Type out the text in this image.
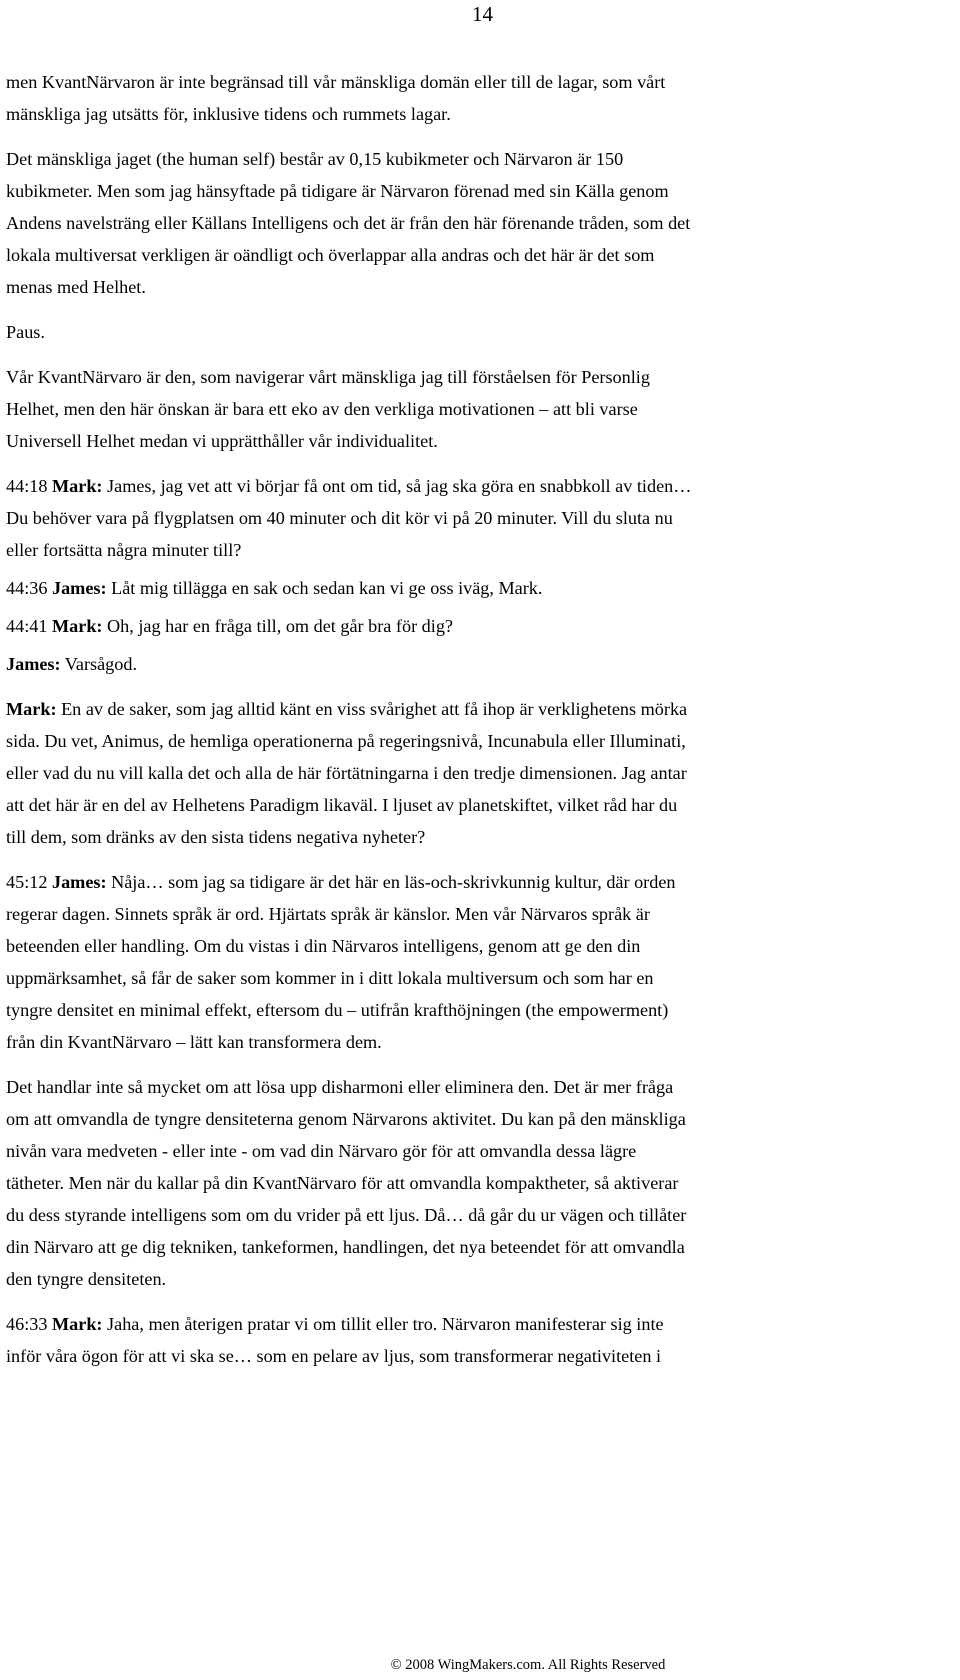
14

men KvantNärvaron är inte begränsad till vår mänskliga domän eller till de lagar, som vårt
mänskliga jag utsätts för, inklusive tidens och rummets lagar.

Det mänskliga jaget (the human self) består av 0,15 kubikmeter och Närvaron är 150
kubikmeter. Men som jag hänsyftade på tidigare är Närvaron förenad med sin Källa genom
Andens navelsträng eller Källans Intelligens och det är från den här förenande tråden, som det
lokala multiversat verkligen är oändligt och överlappar alla andras och det här är det som
menas med Helhet.

Paus.

Vår KvantNärvaro är den, som navigerar vårt mänskliga jag till förståelsen för Personlig
Helhet, men den här önskan är bara ett eko av den verkliga motivationen – att bli varse
Universell Helhet medan vi upprätthåller vår individualitet.

44:18 Mark: James, jag vet att vi börjar få ont om tid, så jag ska göra en snabbkoll av tiden…
Du behöver vara på flygplatsen om 40 minuter och dit kör vi på 20 minuter. Vill du sluta nu
eller fortsätta några minuter till?

44:36 James: Låt mig tillägga en sak och sedan kan vi ge oss iväg, Mark.

44:41 Mark: Oh, jag har en fråga till, om det går bra för dig?

James: Varsågod.

Mark: En av de saker, som jag alltid känt en viss svårighet att få ihop är verklighetens mörka
sida. Du vet, Animus, de hemliga operationerna på regeringsnivå, Incunabula eller Illuminati,
eller vad du nu vill kalla det och alla de här förtätningarna i den tredje dimensionen. Jag antar
att det här är en del av Helhetens Paradigm likaväl. I ljuset av planetskiftet, vilket råd har du
till dem, som dränks av den sista tidens negativa nyheter?

45:12 James: Nåja… som jag sa tidigare är det här en läs-och-skrivkunnig kultur, där orden
regerar dagen. Sinnets språk är ord. Hjärtats språk är känslor. Men vår Närvaros språk är
beteenden eller handling. Om du vistas i din Närvaros intelligens, genom att ge den din
uppmärksamhet, så får de saker som kommer in i ditt lokala multiversum och som har en
tyngre densitet en minimal effekt, eftersom du – utifrån krafthöjningen (the empowerment)
från din KvantNärvaro – lätt kan transformera dem.

Det handlar inte så mycket om att lösa upp disharmoni eller eliminera den. Det är mer fråga
om att omvandla de tyngre densiteterna genom Närvarons aktivitet. Du kan på den mänskliga
nivån vara medveten - eller inte - om vad din Närvaro gör för att omvandla dessa lägre
tätheter. Men när du kallar på din KvantNärvaro för att omvandla kompaktheter, så aktiverar
du dess styrande intelligens som om du vrider på ett ljus. Då… då går du ur vägen och tillåter
din Närvaro att ge dig tekniken, tankeformen, handlingen, det nya beteendet för att omvandla
den tyngre densiteten.

46:33 Mark: Jaha, men återigen pratar vi om tillit eller tro. Närvaron manifesterar sig inte
inför våra ögon för att vi ska se… som en pelare av ljus, som transformerar negativiteten i

© 2008 WingMakers.com. All Rights Reserved
